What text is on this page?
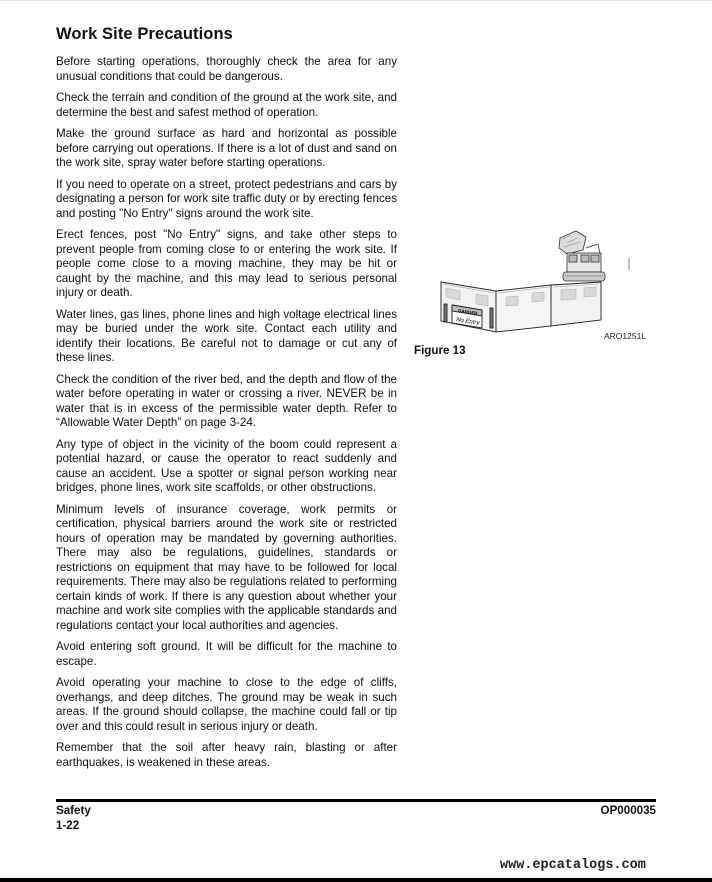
Work Site Precautions

Before starting operations, thoroughly check the area for any unusual conditions that could be dangerous.

Check the terrain and condition of the ground at the work site, and determine the best and safest method of operation.

Make the ground surface as hard and horizontal as possible before carrying out operations. If there is a lot of dust and sand on the work site, spray water before starting operations.

If you need to operate on a street, protect pedestrians and cars by designating a person for work site traffic duty or by erecting fences and posting "No Entry" signs around the work site.

Erect fences, post "No Entry" signs, and take other steps to prevent people from coming close to or entering the work site. If people come close to a moving machine, they may be hit or caught by the machine, and this may lead to serious personal injury or death.

Water lines, gas lines, phone lines and high voltage electrical lines may be buried under the work site. Contact each utility and identify their locations. Be careful not to damage or cut any of these lines.

Check the condition of the river bed, and the depth and flow of the water before operating in water or crossing a river. NEVER be in water that is in excess of the permissible water depth. Refer to “Allowable Water Depth” on page 3-24.

Any type of object in the vicinity of the boom could represent a potential hazard, or cause the operator to react suddenly and cause an accident. Use a spotter or signal person working near bridges, phone lines, work site scaffolds, or other obstructions.

Minimum levels of insurance coverage, work permits or certification, physical barriers around the work site or restricted hours of operation may be mandated by governing authorities. There may also be regulations, guidelines, standards or restrictions on equipment that may have to be followed for local requirements. There may also be regulations related to performing certain kinds of work. If there is any question about whether your machine and work site complies with the applicable standards and regulations contact your local authorities and agencies.

Avoid entering soft ground. It will be difficult for the machine to escape.

Avoid operating your machine to close to the edge of cliffs, overhangs, and deep ditches. The ground may be weak in such areas. If the ground should collapse, the machine could fall or tip over and this could result in serious injury or death.

Remember that the soil after heavy rain, blasting or after earthquakes, is weakened in these areas.

DANGER
No Entry
ARO1251L
Figure 13
Safety
1-22
OP000035
www.epcatalogs.com
